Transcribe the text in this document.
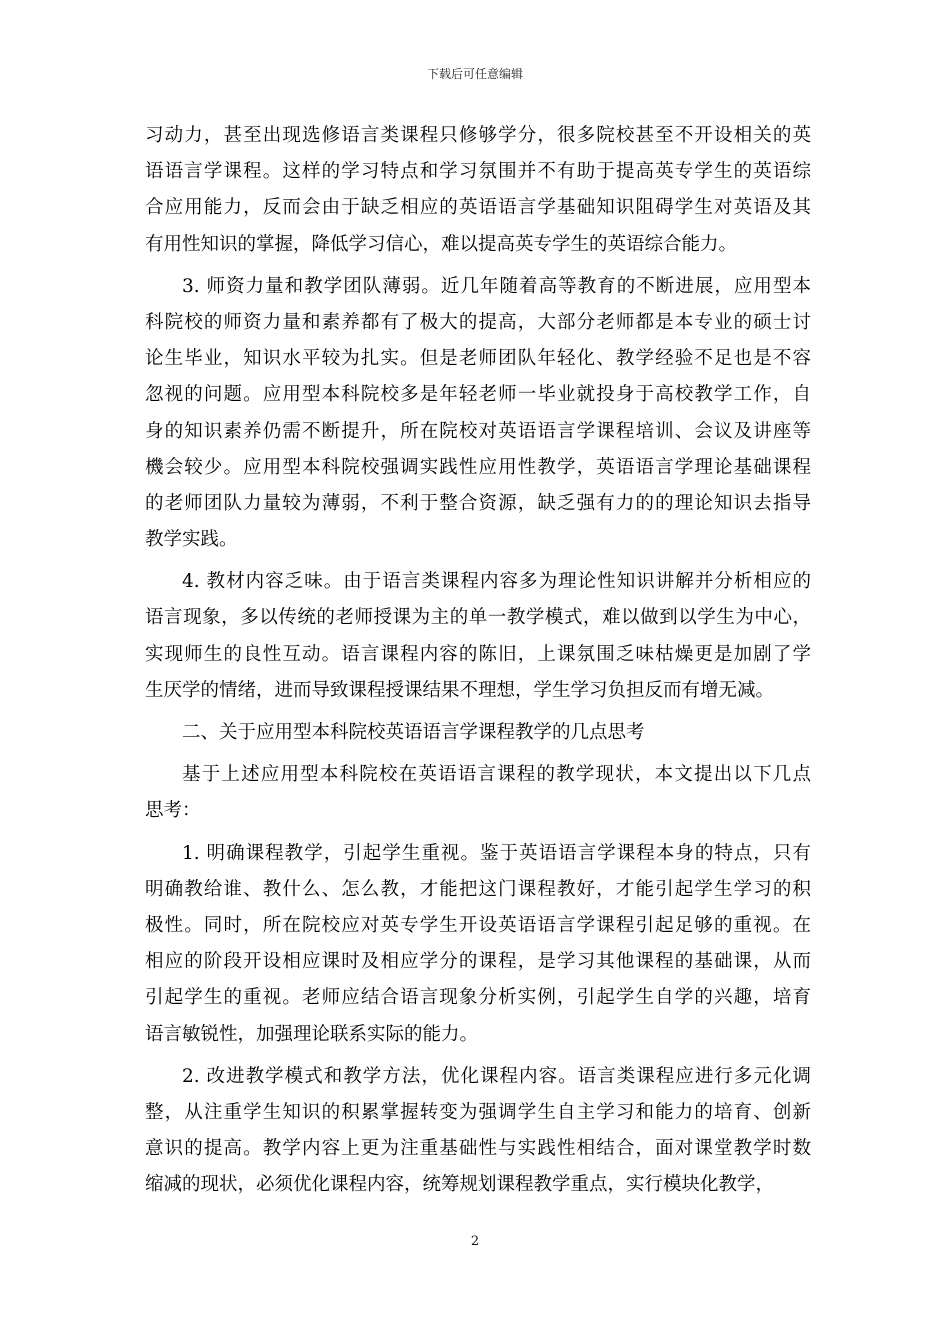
下载后可任意编辑
习动力，甚至出现选修语言类课程只修够学分，很多院校甚至不开设相关的英
语语言学课程。这样的学习特点和学习氛围并不有助于提高英专学生的英语综
合应用能力，反而会由于缺乏相应的英语语言学基础知识阻碍学生对英语及其
有用性知识的掌握，降低学习信心，难以提高英专学生的英语综合能力。
3. 师资力量和教学团队薄弱。近几年随着高等教育的不断进展，应用型本
科院校的师资力量和素养都有了极大的提高，大部分老师都是本专业的硕士讨
论生毕业，知识水平较为扎实。但是老师团队年轻化、教学经验不足也是不容
忽视的问题。应用型本科院校多是年轻老师一毕业就投身于高校教学工作，自
身的知识素养仍需不断提升，所在院校对英语语言学课程培训、会议及讲座等
機会较少。应用型本科院校强调实践性应用性教学，英语语言学理论基础课程
的老师团队力量较为薄弱，不利于整合资源，缺乏强有力的的理论知识去指导
教学实践。
4. 教材内容乏味。由于语言类课程内容多为理论性知识讲解并分析相应的
语言现象，多以传统的老师授课为主的单一教学模式，难以做到以学生为中心，
实现师生的良性互动。语言课程内容的陈旧，上课氛围乏味枯燥更是加剧了学
生厌学的情绪，进而导致课程授课结果不理想，学生学习负担反而有增无减。
二、关于应用型本科院校英语语言学课程教学的几点思考
基于上述应用型本科院校在英语语言课程的教学现状，本文提出以下几点
思考：
1. 明确课程教学，引起学生重视。鉴于英语语言学课程本身的特点，只有
明确教给谁、教什么、怎么教，才能把这门课程教好，才能引起学生学习的积
极性。同时，所在院校应对英专学生开设英语语言学课程引起足够的重视。在
相应的阶段开设相应课时及相应学分的课程，是学习其他课程的基础课，从而
引起学生的重视。老师应结合语言现象分析实例，引起学生自学的兴趣，培育
语言敏锐性，加强理论联系实际的能力。
2. 改进教学模式和教学方法，优化课程内容。语言类课程应进行多元化调
整，从注重学生知识的积累掌握转变为强调学生自主学习和能力的培育、创新
意识的提高。教学内容上更为注重基础性与实践性相结合，面对课堂教学时数
缩减的现状，必须优化课程内容，统筹规划课程教学重点，实行模块化教学，
2
